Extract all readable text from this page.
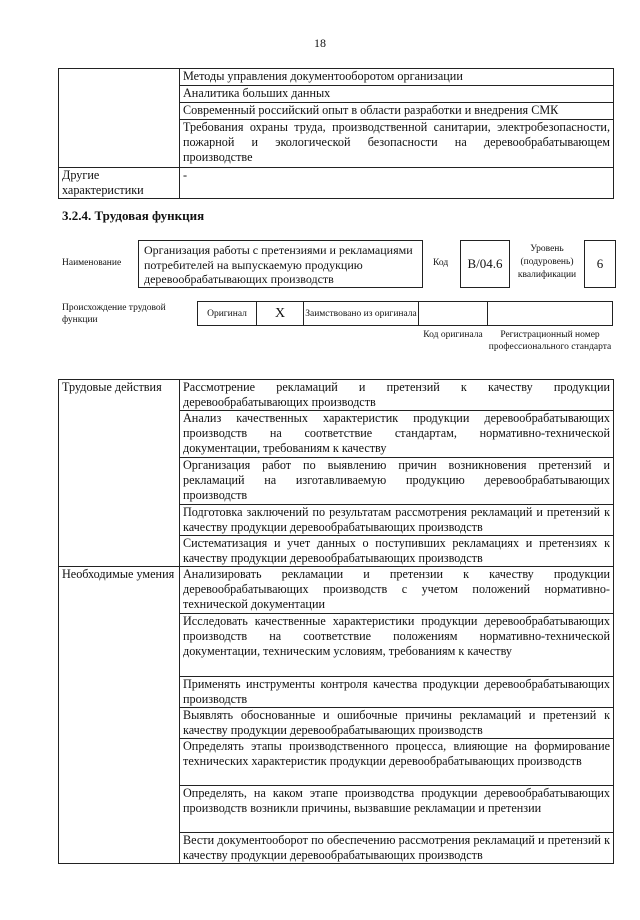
18
	Методы управления документооборотом организации
	Аналитика больших данных
	Современный российский опыт в области разработки и внедрения СМК
	Требования охраны труда, производственной санитарии, электробезопасности, пожарной и экологической безопасности на деревообрабатывающем производстве
Другие характеристики	-
3.2.4. Трудовая функция
Наименование
Организация работы с претензиями и рекламациями потребителей на выпускаемую продукцию деревообрабатывающих производств
Код	В/04.6
Уровень (подуровень) квалификации
6
Происхождение трудовой функции
Оригинал Х Заимствовано из оригинала
Код оригинала	Регистрационный номер профессионального стандарта
Трудовые действия	Рассмотрение рекламаций и претензий к качеству продукции деревообрабатывающих производств
	Анализ качественных характеристик продукции деревообрабатывающих производств на соответствие стандартам, нормативно-технической документации, требованиям к качеству
	Организация работ по выявлению причин возникновения претензий и рекламаций на изготавливаемую продукцию деревообрабатывающих производств
	Подготовка заключений по результатам рассмотрения рекламаций и претензий к качеству продукции деревообрабатывающих производств
	Систематизация и учет данных о поступивших рекламациях и претензиях к качеству продукции деревообрабатывающих производств
Необходимые умения	Анализировать рекламации и претензии к качеству продукции деревообрабатывающих производств с учетом положений нормативно-технической документации
	Исследовать качественные характеристики продукции деревообрабатывающих производств на соответствие положениям нормативно-технической документации, техническим условиям, требованиям к качеству
	Применять инструменты контроля качества продукции деревообрабатывающих производств
	Выявлять обоснованные и ошибочные причины рекламаций и претензий к качеству продукции деревообрабатывающих производств
	Определять этапы производственного процесса, влияющие на формирование технических характеристик продукции деревообрабатывающих производств
	Определять, на каком этапе производства продукции деревообрабатывающих производств возникли причины, вызвавшие рекламации и претензии
	Вести документооборот по обеспечению рассмотрения рекламаций и претензий к качеству продукции деревообрабатывающих производств
